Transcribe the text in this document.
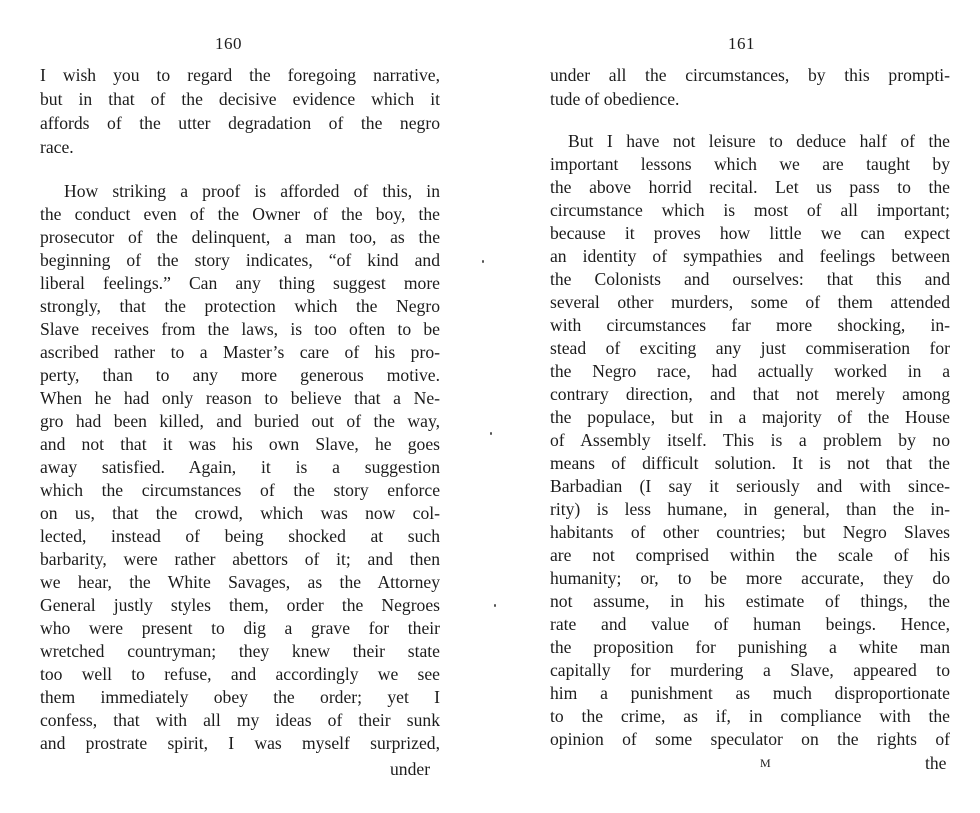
160
I wish you to regard the foregoing narrative,
but in that of the decisive evidence which it
affords of the utter degradation of the negro
race.
How striking a proof is afforded of this, in
the conduct even of the Owner of the boy, the
prosecutor of the delinquent, a man too, as the
beginning of the story indicates, “of kind and
liberal feelings.” Can any thing suggest more
strongly, that the protection which the Negro
Slave receives from the laws, is too often to be
ascribed rather to a Master’s care of his pro-
perty, than to any more generous motive.
When he had only reason to believe that a Ne-
gro had been killed, and buried out of the way,
and not that it was his own Slave, he goes
away satisfied. Again, it is a suggestion
which the circumstances of the story enforce
on us, that the crowd, which was now col-
lected, instead of being shocked at such
barbarity, were rather abettors of it; and then
we hear, the White Savages, as the Attorney
General justly styles them, order the Negroes
who were present to dig a grave for their
wretched countryman; they knew their state
too well to refuse, and accordingly we see
them immediately obey the order; yet I
confess, that with all my ideas of their sunk
and prostrate spirit, I was myself surprized,
under
161
under all the circumstances, by this prompti-
tude of obedience.
But I have not leisure to deduce half of the
important lessons which we are taught by
the above horrid recital. Let us pass to the
circumstance which is most of all important;
because it proves how little we can expect
an identity of sympathies and feelings between
the Colonists and ourselves: that this and
several other murders, some of them attended
with circumstances far more shocking, in-
stead of exciting any just commiseration for
the Negro race, had actually worked in a
contrary direction, and that not merely among
the populace, but in a majority of the House
of Assembly itself. This is a problem by no
means of difficult solution. It is not that the
Barbadian (I say it seriously and with since-
rity) is less humane, in general, than the in-
habitants of other countries; but Negro Slaves
are not comprised within the scale of his
humanity; or, to be more accurate, they do
not assume, in his estimate of things, the
rate and value of human beings. Hence,
the proposition for punishing a white man
capitally for murdering a Slave, appeared to
him a punishment as much disproportionate
to the crime, as if, in compliance with the
opinion of some speculator on the rights of
M	the
